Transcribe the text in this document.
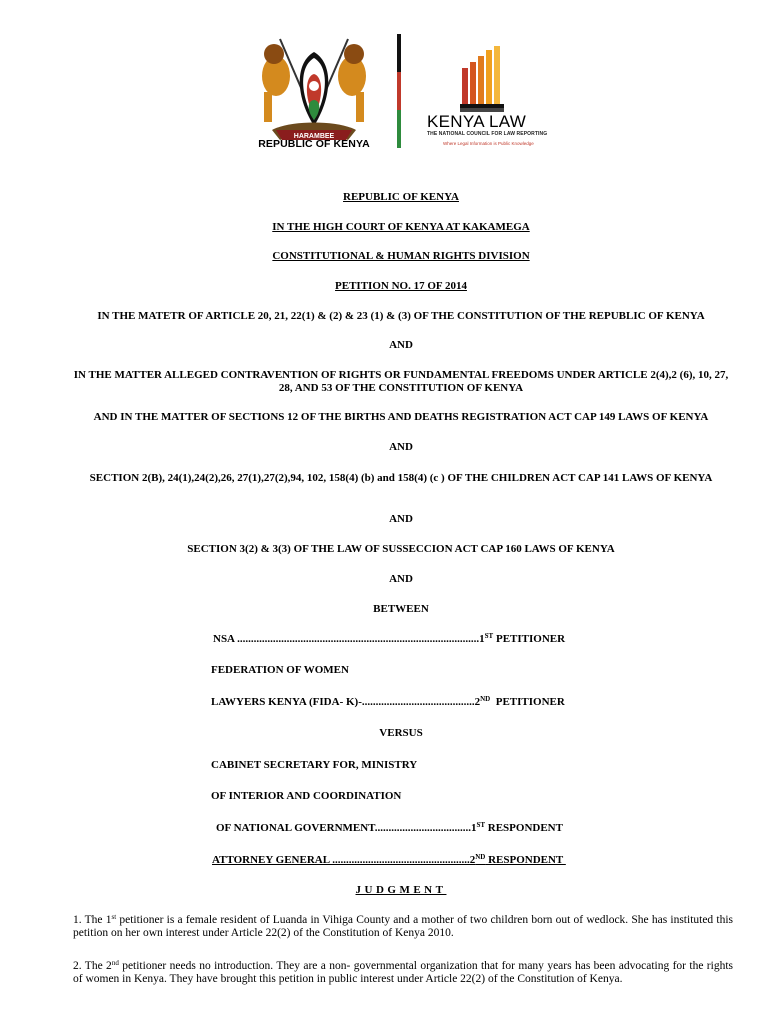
HARAMBEE
REPUBLIC OF KENYA
KENYA LAW
THE NATIONAL COUNCIL FOR LAW REPORTING
Where Legal Information is Public Knowledge
REPUBLIC OF KENYA
IN THE HIGH COURT OF KENYA AT KAKAMEGA
CONSTITUTIONAL & HUMAN RIGHTS DIVISION
PETITION NO. 17 OF 2014
IN THE MATETR OF ARTICLE 20, 21, 22(1) & (2) & 23 (1) & (3) OF THE CONSTITUTION OF THE REPUBLIC OF KENYA
AND
IN THE MATTER ALLEGED CONTRAVENTION OF RIGHTS OR FUNDAMENTAL FREEDOMS UNDER ARTICLE 2(4),2 (6), 10, 27, 28, AND 53 OF THE CONSTITUTION OF KENYA
AND IN THE MATTER OF SECTIONS 12 OF THE BIRTHS AND DEATHS REGISTRATION ACT CAP 149 LAWS OF KENYA
AND
SECTION 2(B), 24(1),24(2),26, 27(1),27(2),94, 102, 158(4) (b) and 158(4) (c ) OF THE CHILDREN ACT CAP 141 LAWS OF KENYA
AND
SECTION 3(2) & 3(3) OF THE LAW OF SUSSECCION ACT CAP 160 LAWS OF KENYA
AND
BETWEEN
NSA ........................................................................................1ST PETITIONER
FEDERATION OF WOMEN
LAWYERS KENYA (FIDA- K)-.........................................2ND  PETITIONER
VERSUS
CABINET SECRETARY FOR, MINISTRY
OF INTERIOR AND COORDINATION
OF NATIONAL GOVERNMENT...................................1ST RESPONDENT
ATTORNEY GENERAL ..................................................2ND RESPONDENT
JUDGMENT
1. The 1st petitioner is a female resident of Luanda in Vihiga County and a mother of two children born out of wedlock. She has instituted this petition on her own interest under Article 22(2) of the Constitution of Kenya 2010.
2. The 2nd petitioner needs no introduction. They are a non- governmental organization that for many years has been advocating for the rights of women in Kenya. They have brought this petition in public interest under Article 22(2) of the Constitution of Kenya.
